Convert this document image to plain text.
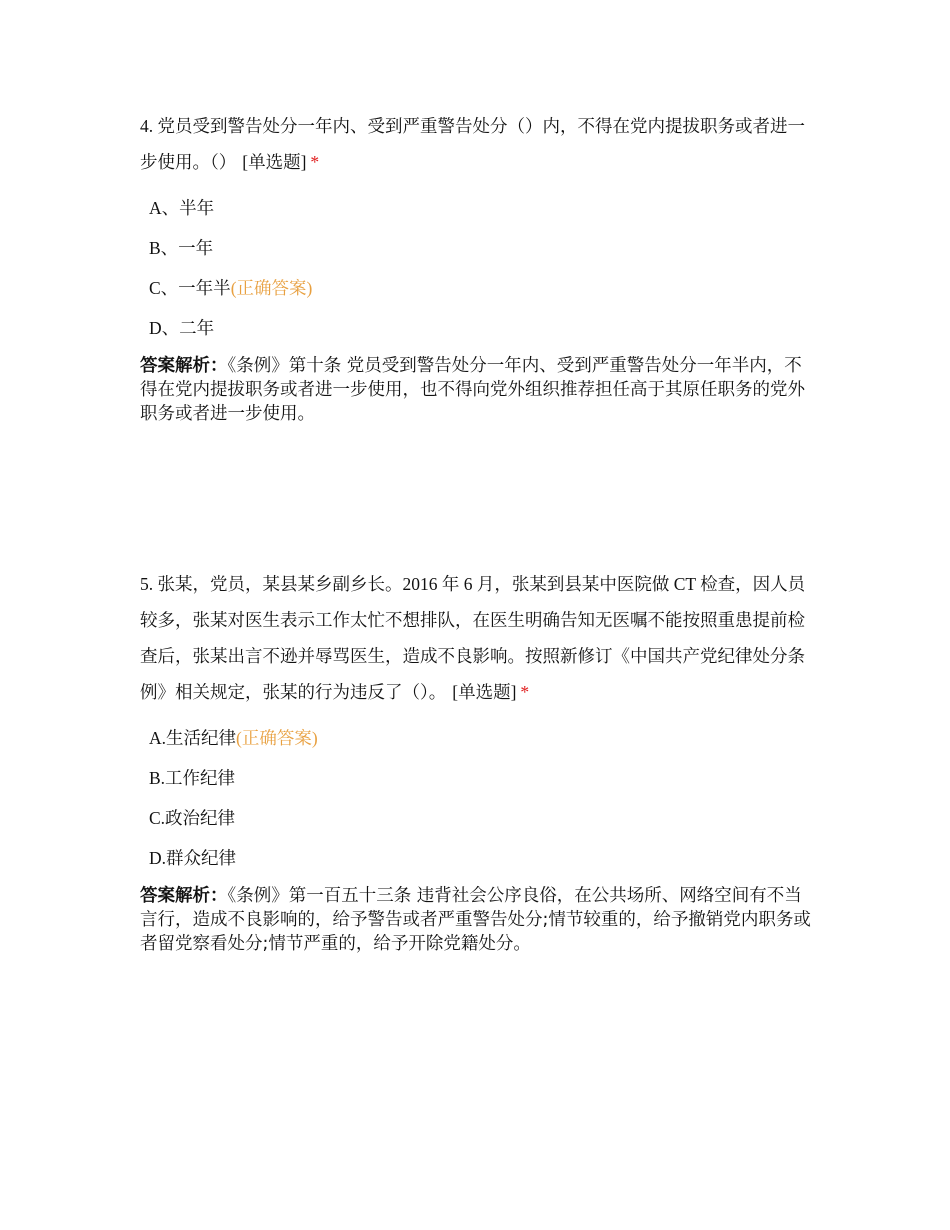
4. 党员受到警告处分一年内、受到严重警告处分（）内，不得在党内提拔职务或者进一步使用。（） [单选题] *

A、半年
B、一年
C、一年半(正确答案)
D、二年
答案解析：《条例》第十条 党员受到警告处分一年内、受到严重警告处分一年半内，不得在党内提拔职务或者进一步使用，也不得向党外组织推荐担任高于其原任职务的党外职务或者进一步使用。

5. 张某，党员，某县某乡副乡长。2016 年 6 月，张某到县某中医院做 CT 检查，因人员较多，张某对医生表示工作太忙不想排队，在医生明确告知无医嘱不能按照重患提前检查后，张某出言不逊并辱骂医生，造成不良影响。按照新修订《中国共产党纪律处分条例》相关规定，张某的行为违反了（）。 [单选题] *

A.生活纪律(正确答案)
B.工作纪律
C.政治纪律
D.群众纪律
答案解析：《条例》第一百五十三条 违背社会公序良俗，在公共场所、网络空间有不当言行，造成不良影响的，给予警告或者严重警告处分;情节较重的，给予撤销党内职务或者留党察看处分;情节严重的，给予开除党籍处分。
